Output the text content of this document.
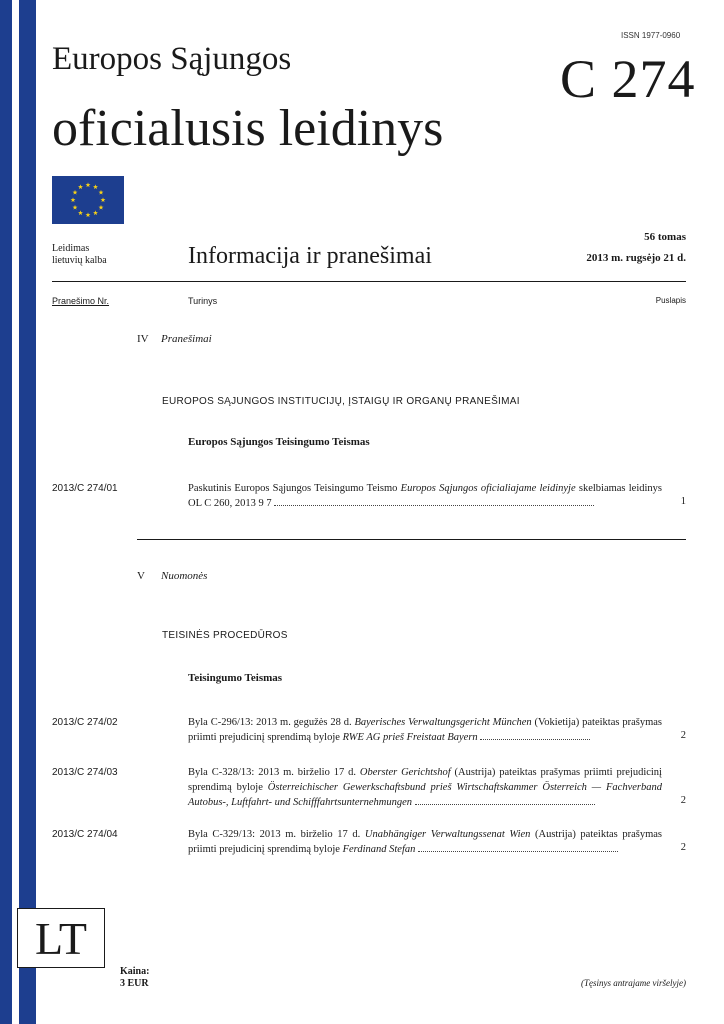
ISSN 1977-0960
Europos Sąjungos
oficialusis leidinys
C 274
Leidimas
lietuvių kalba	Informacija ir pranešimai
56 tomas
2013 m. rugsėjo 21 d.
Pranešimo Nr.	Turinys	Puslapis
IV Pranešimai
EUROPOS SĄJUNGOS INSTITUCIJŲ, ĮSTAIGŲ IR ORGANŲ PRANEŠIMAI
Europos Sąjungos Teisingumo Teismas
2013/C 274/01	Paskutinis Europos Sąjungos Teisingumo Teismo Europos Sąjungos oficialiajame leidinyje skelbiamas leidinys OL C 260, 2013 9 7	1
V Nuomonės
TEISINĖS PROCEDŪROS
Teisingumo Teismas
2013/C 274/02	Byla C-296/13: 2013 m. gegužės 28 d. Bayerisches Verwaltungsgericht München (Vokietija) pateiktas prašymas priimti prejudicinį sprendimą byloje RWE AG prieš Freistaat Bayern	2
2013/C 274/03	Byla C-328/13: 2013 m. birželio 17 d. Oberster Gerichtshof (Austrija) pateiktas prašymas priimti prejudicinį sprendimą byloje Österreichischer Gewerkschaftsbund prieš Wirtschaftskammer Österreich — Fachverband Autobus-, Luftfahrt- und Schifffahrtsunternehmungen	2
2013/C 274/04	Byla C-329/13: 2013 m. birželio 17 d. Unabhängiger Verwaltungssenat Wien (Austrija) pateiktas prašymas priimti prejudicinį sprendimą byloje Ferdinand Stefan	2
LT
Kaina:
3 EUR	(Tęsinys antrajame viršelyje)
